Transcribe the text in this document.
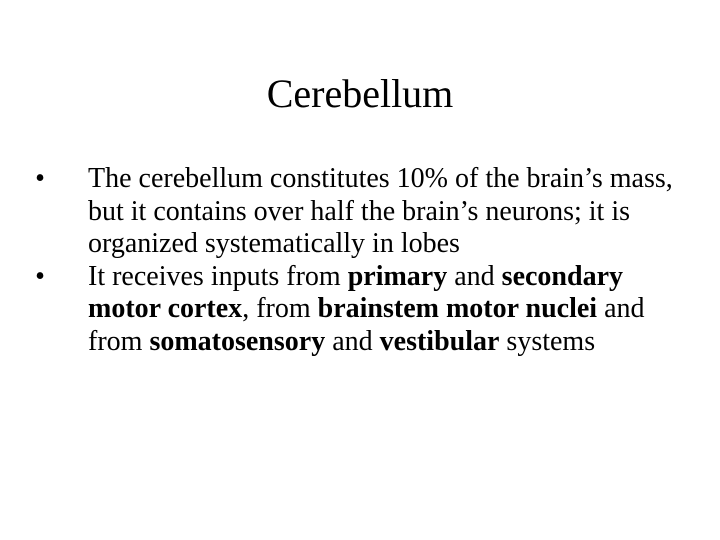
Cerebellum
• The cerebellum constitutes 10% of the brain’s mass, but it contains over half the brain’s neurons; it is organized systematically in lobes
• It receives inputs from primary and secondary motor cortex, from brainstem motor nuclei and from somatosensory and vestibular systems
